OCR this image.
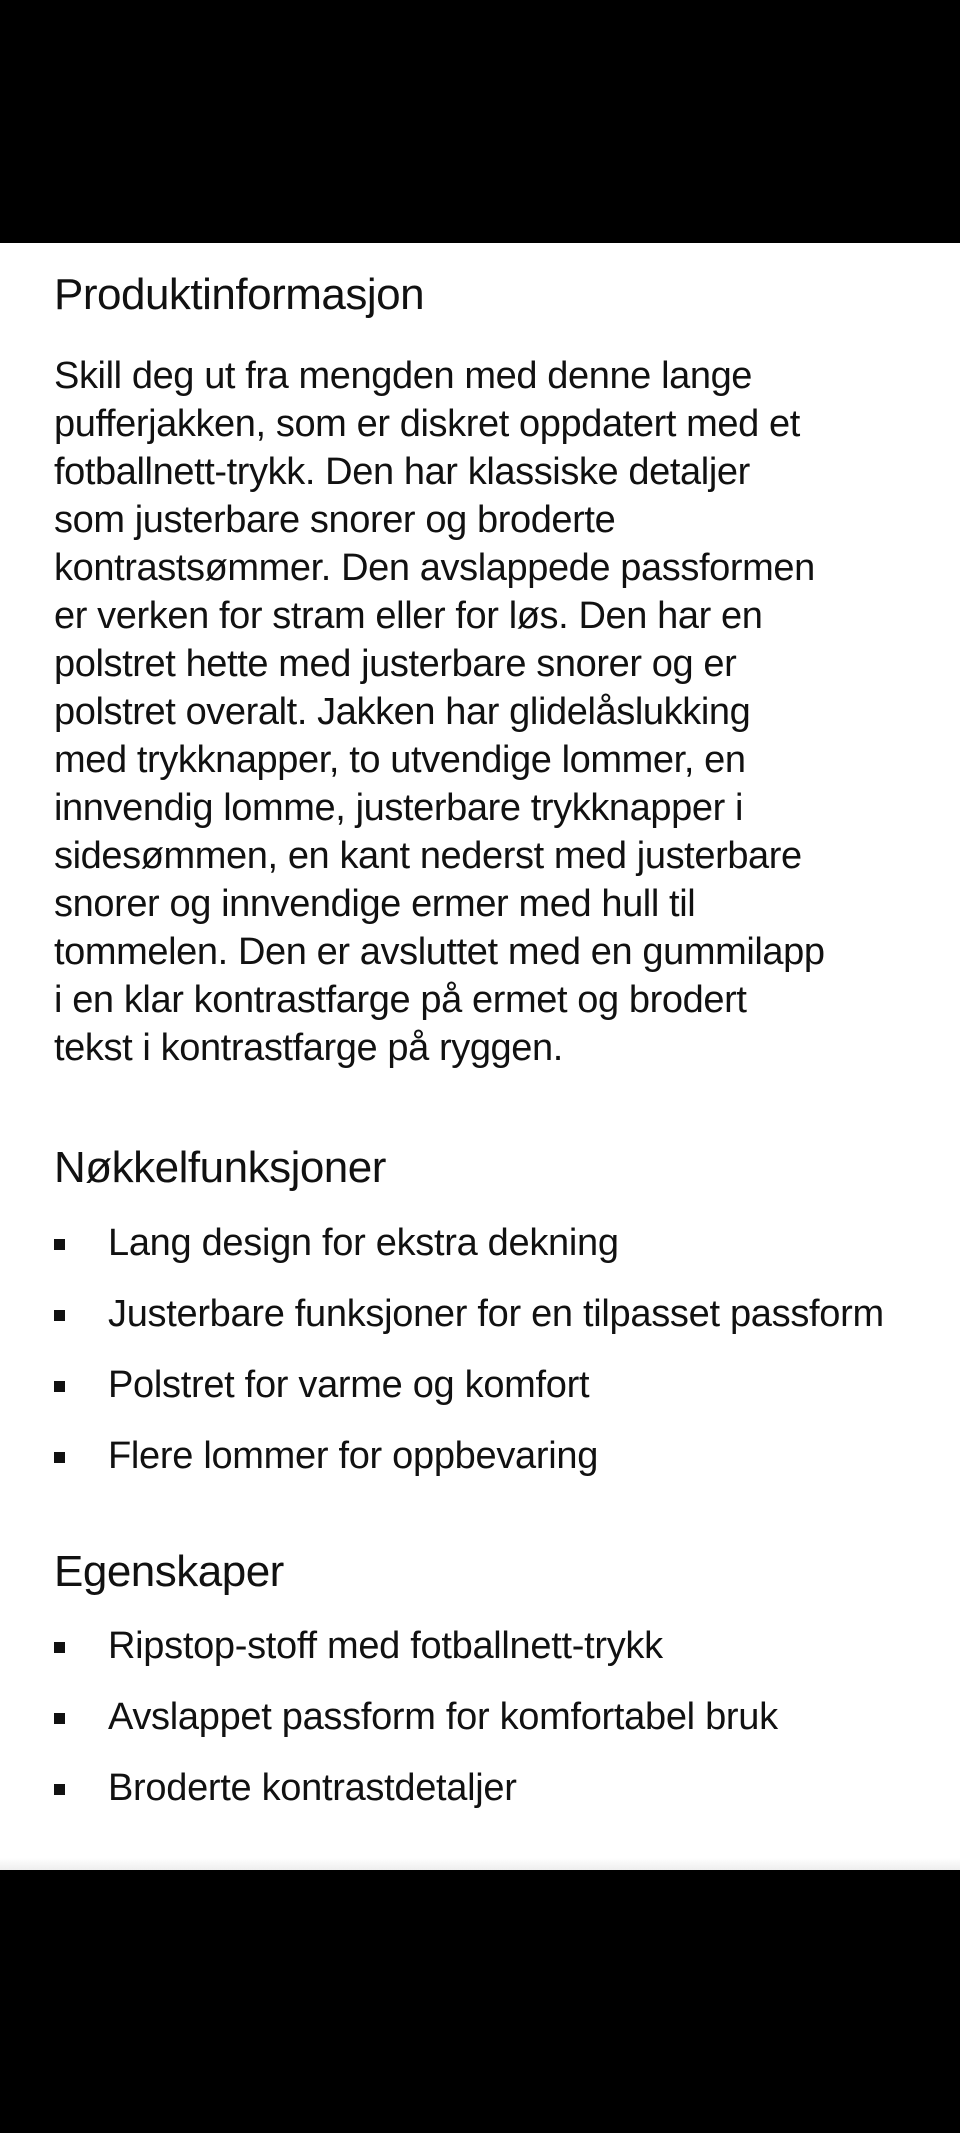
Produktinformasjon

Skill deg ut fra mengden med denne lange
pufferjakken, som er diskret oppdatert med et
fotballnett-trykk. Den har klassiske detaljer
som justerbare snorer og broderte
kontrastsømmer. Den avslappede passformen
er verken for stram eller for løs. Den har en
polstret hette med justerbare snorer og er
polstret overalt. Jakken har glidelåslukking
med trykknapper, to utvendige lommer, en
innvendig lomme, justerbare trykknapper i
sidesømmen, en kant nederst med justerbare
snorer og innvendige ermer med hull til
tommelen. Den er avsluttet med en gummilapp
i en klar kontrastfarge på ermet og brodert
tekst i kontrastfarge på ryggen.

Nøkkelfunksjoner
Lang design for ekstra dekning
Justerbare funksjoner for en tilpasset passform
Polstret for varme og komfort
Flere lommer for oppbevaring
Egenskaper
Ripstop-stoff med fotballnett-trykk
Avslappet passform for komfortabel bruk
Broderte kontrastdetaljer
